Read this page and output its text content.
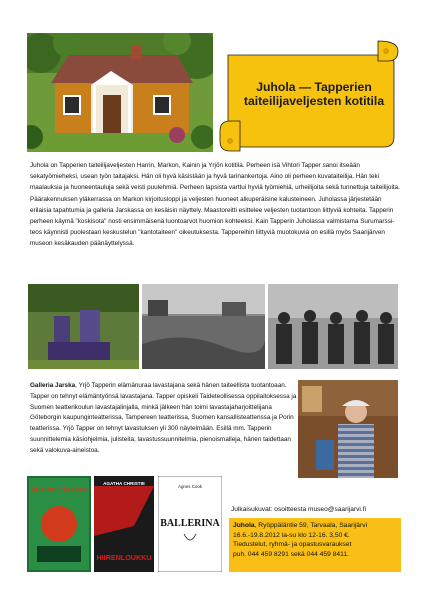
Juhola — Tapperien taiteilijaveljesten kotitila
Juhola on Tapperien taiteilijaveljesten Harrin, Markon, Kainin ja Yrjön kotitila. Perheen isä Vihtori Tapper sanoi itseään sekatyömieheksi, usean työn taitajaksi. Hän oli hyvä käsistään ja hyvä tarinankertoja. Aino oli perheen kuvataiteilija. Hän teki maalauksia ja huoneentauluja sekä veisti puulehmiä. Perheen lapsista varttui hyviä työmiehiä, urheilijoita sekä tunnettuja taiteilijoita. Päärakennuksen yläkerrassa on Markon kirjoitusloppi ja veljesten huoneet alkuperäisine kalusteineen. Juholassa järjestetään erilaisia tapahtumia ja galleria Jarskassa on kesäisin näyttely. Maastoreitti esittelee veljesten tuotantoon liittyviä kohteita. Tapperin perheen käymä "koskisota" nosti ensimmäisenä luontoarvot huomion kohteeksi. Kain Tapperin Juholassa valmistama Surumarssi-teos käynnisti puolestaan keskustelun "kantotaiteen" oikeutuksesta. Tappereihin liittyviä muotokuvia on esillä myös Saarijärven museon kesäkauden päänäyttelyssä.
Galleria Jarska, Yrjö Tapperin elämänuraa lavastajana sekä hänen taiteellista tuotantoaan. Tapper on tehnyt elämäntyönsä lavastajana. Tapper opiskeli Taideteollisessa oppilaitoksessa ja Suomen teatterikoulun lavastajalinjalla, minkä jälkeen hän toimi lavastajaharjoittelijana Göteborgin kaupunginteatterissa, Tampereen teatterissa, Suomen kansallisteatterissa ja Porin teatterissa. Yrjö Tapper on tehnyt lavastuksen yli 300 näytelmään. Esillä mm. Tapperin suunnittelemia käsiohjelmia, julisteita, lavastussuunnitelmia, pienoismalleja, hänen taidettaan sekä valokuva-aineistoa.
KOTINETTELOITA
AGATHA CHRISTIE
HIIRENLOUKKU
Agnes Cook
BALLERINA
Julkaisukuvat: osoitteesta museo@saarijarvi.fi
Juhola, Ryöppäläntie 59, Tarvaala, Saarijärvi
16.6.-19.8.2012 la-su klo 12-16. 3,50 €.
Tiedustelut, ryhmä- ja opastusvaraukset
puh. 044 459 8291 sekä 044 459 8411.
